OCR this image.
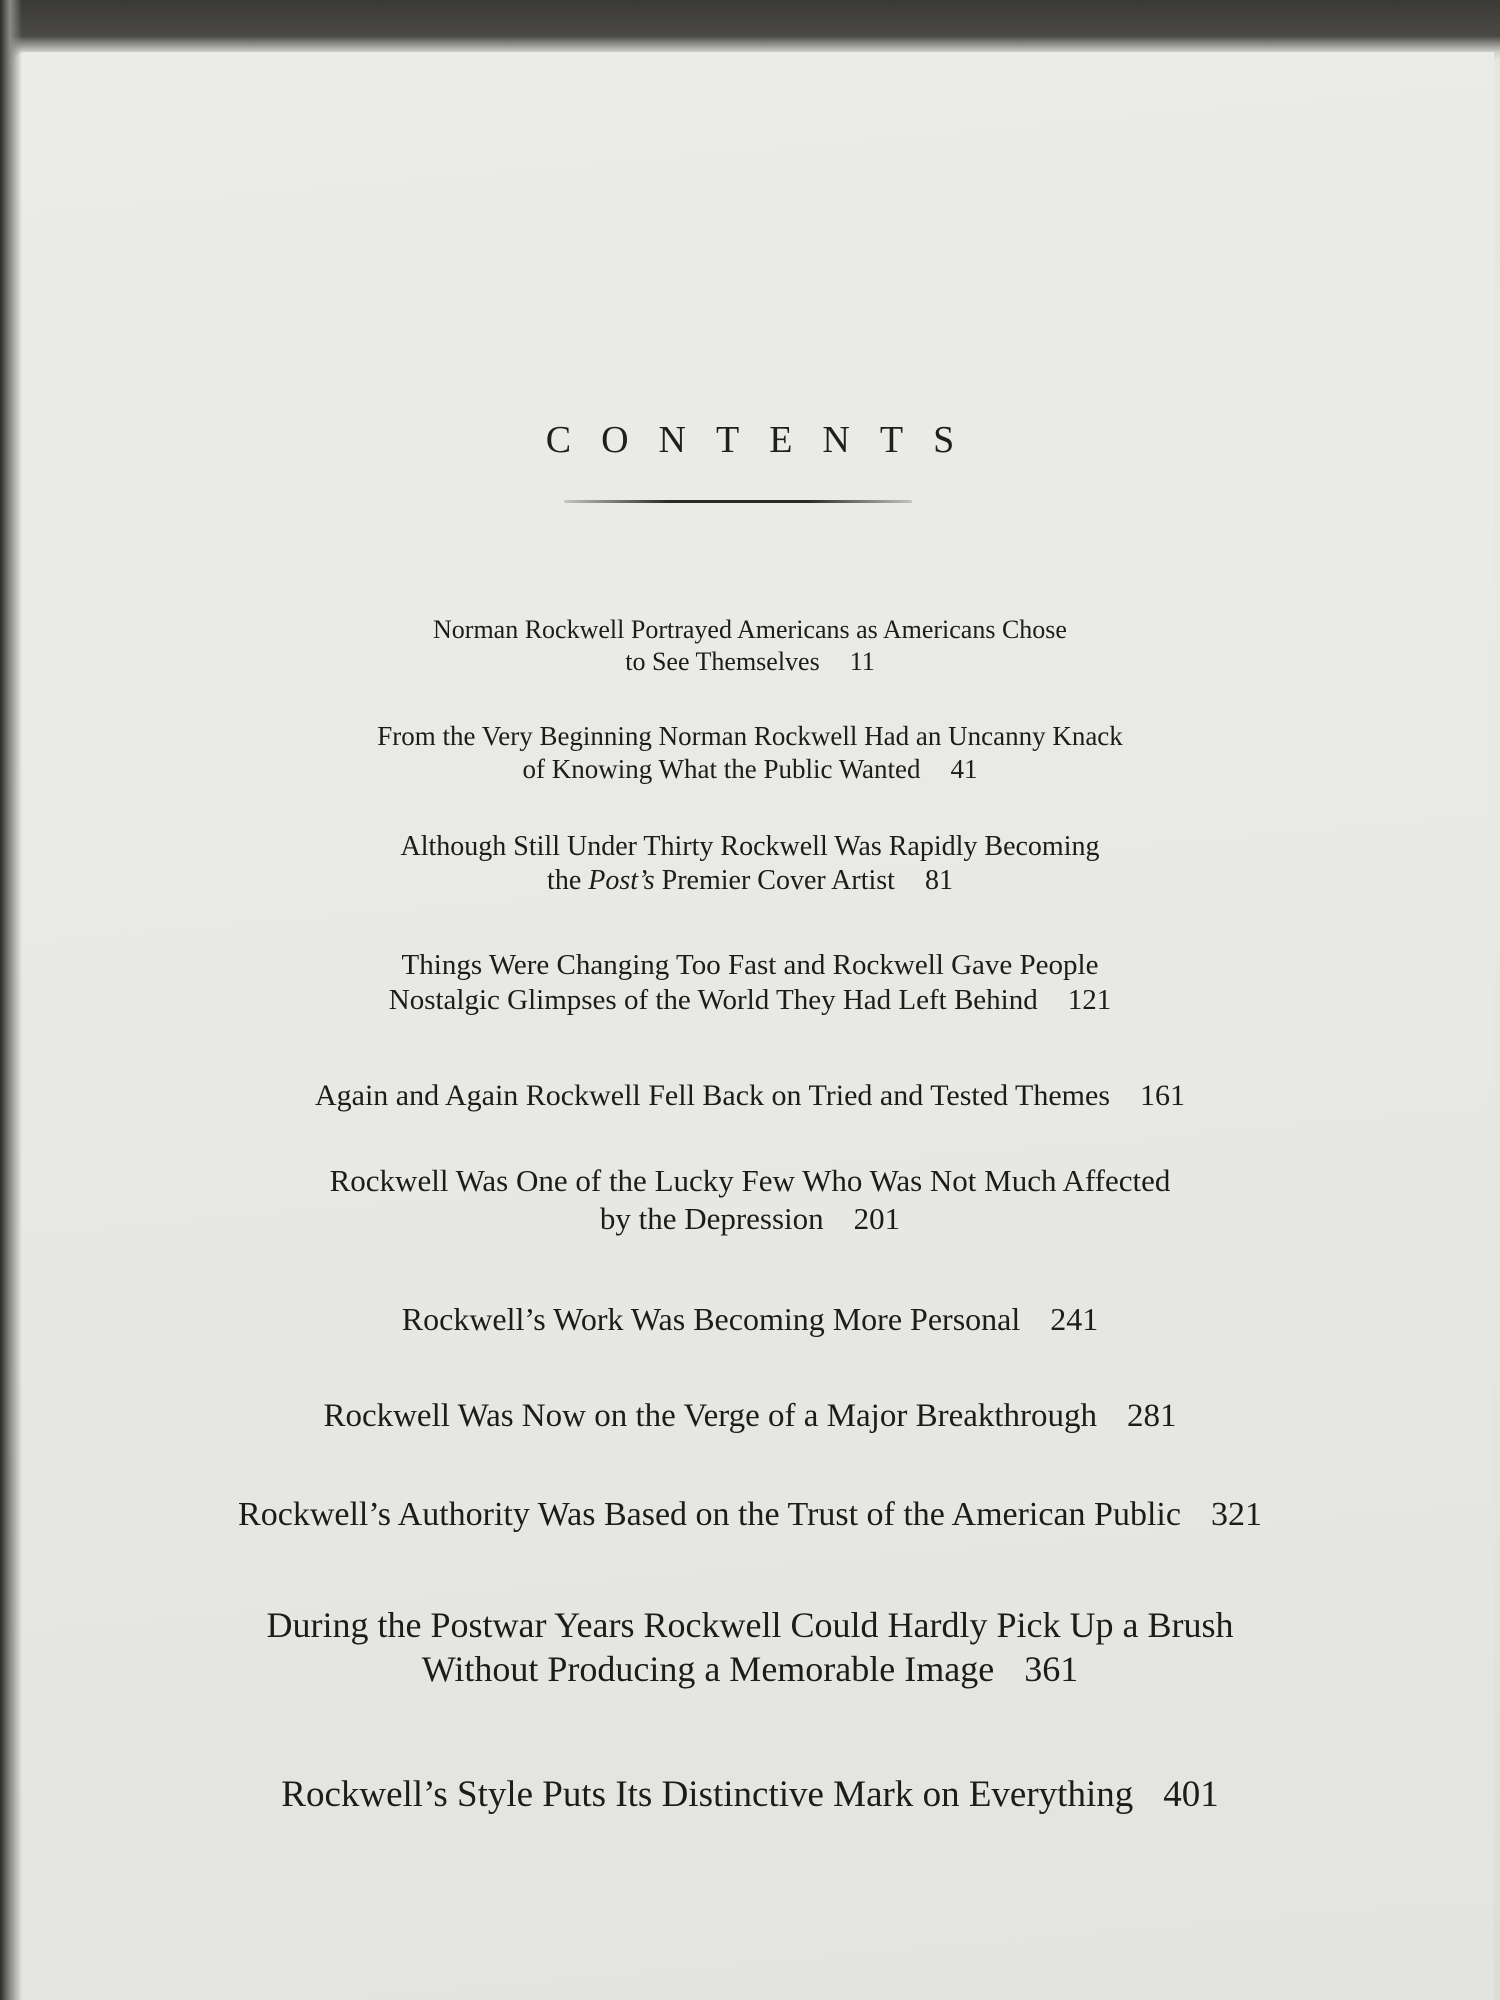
CONTENTS
Norman Rockwell Portrayed Americans as Americans Chose
to See Themselves 11
From the Very Beginning Norman Rockwell Had an Uncanny Knack
of Knowing What the Public Wanted 41
Although Still Under Thirty Rockwell Was Rapidly Becoming
the Post’s Premier Cover Artist 81
Things Were Changing Too Fast and Rockwell Gave People
Nostalgic Glimpses of the World They Had Left Behind 121
Again and Again Rockwell Fell Back on Tried and Tested Themes 161
Rockwell Was One of the Lucky Few Who Was Not Much Affected
by the Depression 201
Rockwell’s Work Was Becoming More Personal 241
Rockwell Was Now on the Verge of a Major Breakthrough 281
Rockwell’s Authority Was Based on the Trust of the American Public 321
During the Postwar Years Rockwell Could Hardly Pick Up a Brush
Without Producing a Memorable Image 361
Rockwell’s Style Puts Its Distinctive Mark on Everything 401
